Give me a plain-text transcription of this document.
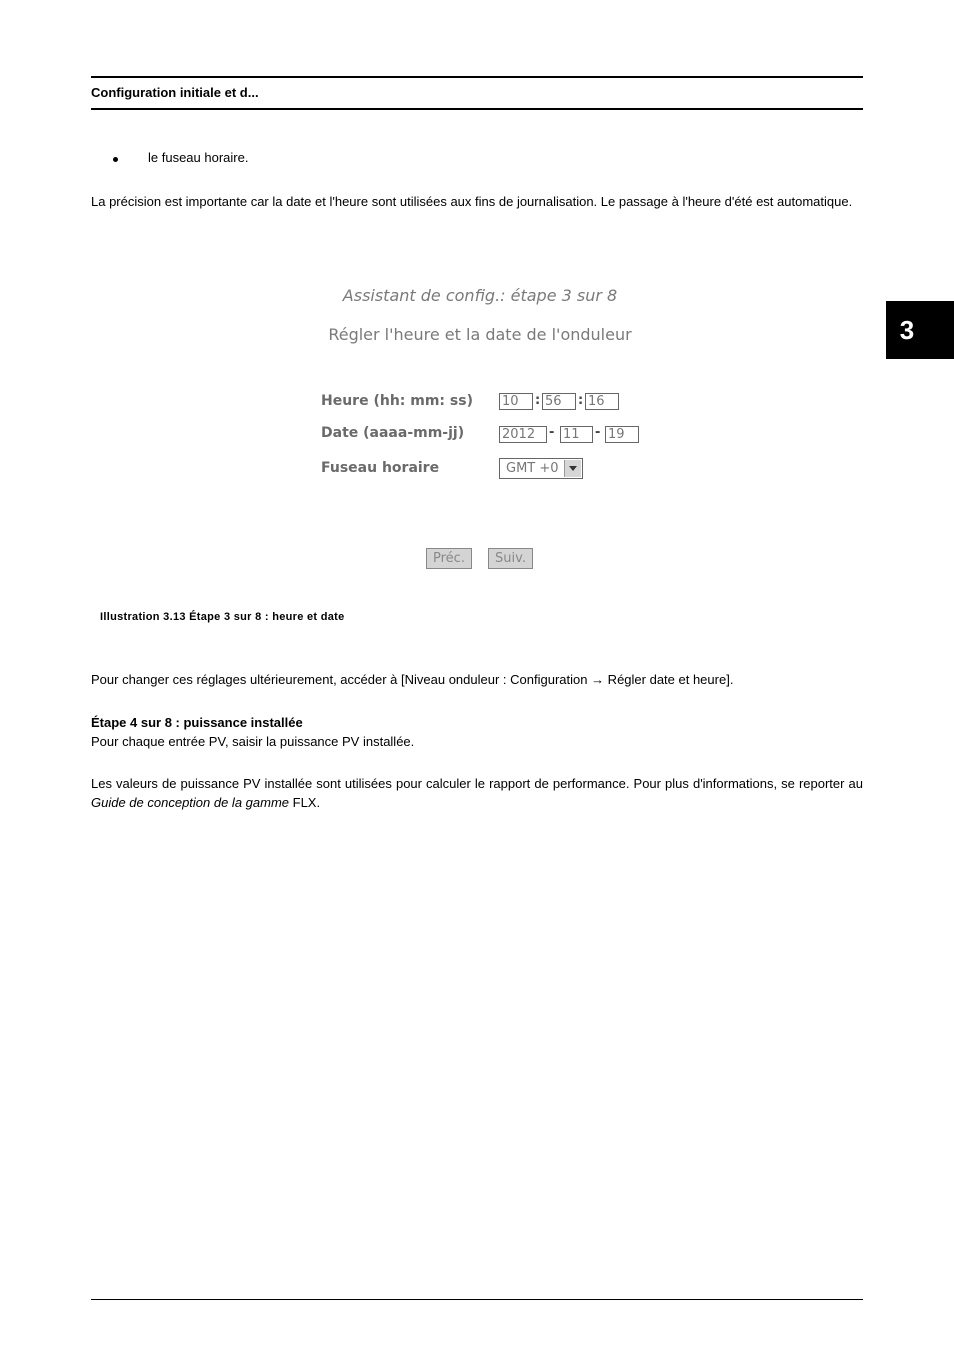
Configuration initiale et d...
3
le fuseau horaire.
La précision est importante car la date et l'heure sont utilisées aux fins de journalisation. Le passage à l'heure d'été est automatique.
Assistant de config.: étape 3 sur 8
Régler l'heure et la date de l'onduleur
Heure (hh: mm: ss) 10	: 56	: 16
Date (aaaa-mm-jj)	2012	- 11	- 19
Fuseau horaire	GMT +0
Préc.	Suiv.
Illustration 3.13 Étape 3 sur 8 : heure et date
Pour changer ces réglages ultérieurement, accéder à [Niveau onduleur : Configuration → Régler date et heure].
Étape 4 sur 8 : puissance installée
Pour chaque entrée PV, saisir la puissance PV installée.
Les valeurs de puissance PV installée sont utilisées pour calculer le rapport de performance. Pour plus d'informations, se reporter au Guide de conception de la gamme FLX.
